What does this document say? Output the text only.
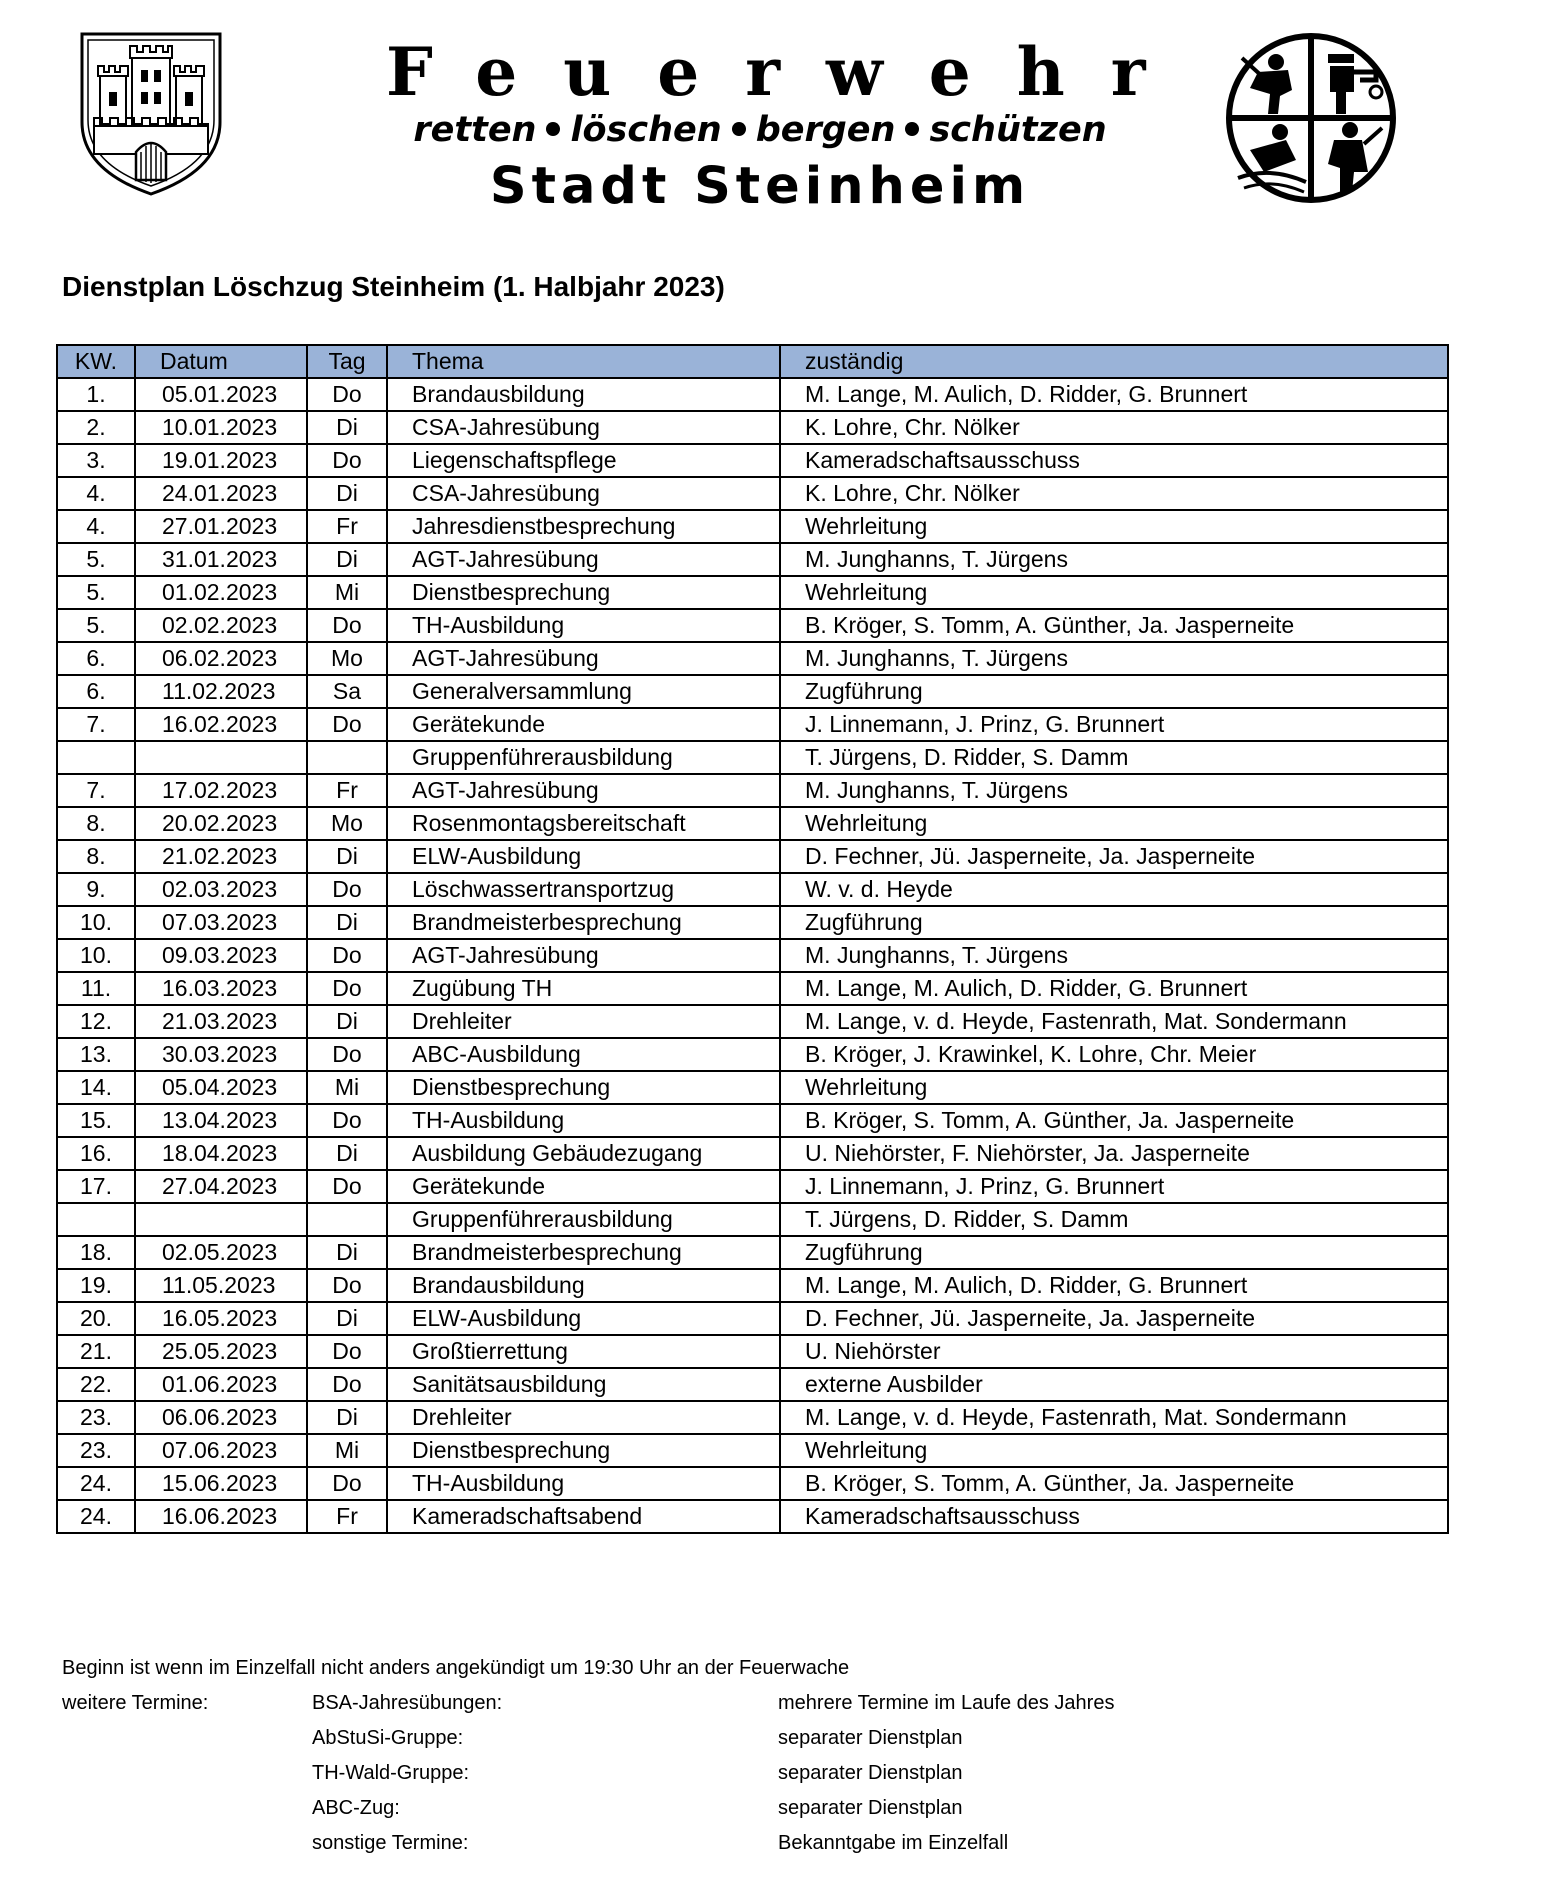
Feuerwehr
retten löschen bergen schützen
Stadt Steinheim
Dienstplan Löschzug Steinheim (1. Halbjahr 2023)
KW.	Datum	Tag	Thema	zuständig
1.	05.01.2023	Do	Brandausbildung	M. Lange, M. Aulich, D. Ridder, G. Brunnert
2.	10.01.2023	Di	CSA-Jahresübung	K. Lohre, Chr. Nölker
3.	19.01.2023	Do	Liegenschaftspflege	Kameradschaftsausschuss
4.	24.01.2023	Di	CSA-Jahresübung	K. Lohre, Chr. Nölker
4.	27.01.2023	Fr	Jahresdienstbesprechung	Wehrleitung
5.	31.01.2023	Di	AGT-Jahresübung	M. Junghanns, T. Jürgens
5.	01.02.2023	Mi	Dienstbesprechung	Wehrleitung
5.	02.02.2023	Do	TH-Ausbildung	B. Kröger, S. Tomm, A. Günther, Ja. Jasperneite
6.	06.02.2023	Mo	AGT-Jahresübung	M. Junghanns, T. Jürgens
6.	11.02.2023	Sa	Generalversammlung	Zugführung
7.	16.02.2023	Do	Gerätekunde	J. Linnemann, J. Prinz, G. Brunnert
			Gruppenführerausbildung	T. Jürgens, D. Ridder, S. Damm
7.	17.02.2023	Fr	AGT-Jahresübung	M. Junghanns, T. Jürgens
8.	20.02.2023	Mo	Rosenmontagsbereitschaft	Wehrleitung
8.	21.02.2023	Di	ELW-Ausbildung	D. Fechner, Jü. Jasperneite, Ja. Jasperneite
9.	02.03.2023	Do	Löschwassertransportzug	W. v. d. Heyde
10.	07.03.2023	Di	Brandmeisterbesprechung	Zugführung
10.	09.03.2023	Do	AGT-Jahresübung	M. Junghanns, T. Jürgens
11.	16.03.2023	Do	Zugübung TH	M. Lange, M. Aulich, D. Ridder, G. Brunnert
12.	21.03.2023	Di	Drehleiter	M. Lange, v. d. Heyde, Fastenrath, Mat. Sondermann
13.	30.03.2023	Do	ABC-Ausbildung	B. Kröger, J. Krawinkel, K. Lohre, Chr. Meier
14.	05.04.2023	Mi	Dienstbesprechung	Wehrleitung
15.	13.04.2023	Do	TH-Ausbildung	B. Kröger, S. Tomm, A. Günther, Ja. Jasperneite
16.	18.04.2023	Di	Ausbildung Gebäudezugang	U. Niehörster, F. Niehörster, Ja. Jasperneite
17.	27.04.2023	Do	Gerätekunde	J. Linnemann, J. Prinz, G. Brunnert
			Gruppenführerausbildung	T. Jürgens, D. Ridder, S. Damm
18.	02.05.2023	Di	Brandmeisterbesprechung	Zugführung
19.	11.05.2023	Do	Brandausbildung	M. Lange, M. Aulich, D. Ridder, G. Brunnert
20.	16.05.2023	Di	ELW-Ausbildung	D. Fechner, Jü. Jasperneite, Ja. Jasperneite
21.	25.05.2023	Do	Großtierrettung	U. Niehörster
22.	01.06.2023	Do	Sanitätsausbildung	externe Ausbilder
23.	06.06.2023	Di	Drehleiter	M. Lange, v. d. Heyde, Fastenrath, Mat. Sondermann
23.	07.06.2023	Mi	Dienstbesprechung	Wehrleitung
24.	15.06.2023	Do	TH-Ausbildung	B. Kröger, S. Tomm, A. Günther, Ja. Jasperneite
24.	16.06.2023	Fr	Kameradschaftsabend	Kameradschaftsausschuss
Beginn ist wenn im Einzelfall nicht anders angekündigt um 19:30 Uhr an der Feuerwache
weitere Termine:	BSA-Jahresübungen:	mehrere Termine im Laufe des Jahres
AbStuSi-Gruppe:	separater Dienstplan
TH-Wald-Gruppe:	separater Dienstplan
ABC-Zug:	separater Dienstplan
sonstige Termine:	Bekanntgabe im Einzelfall
